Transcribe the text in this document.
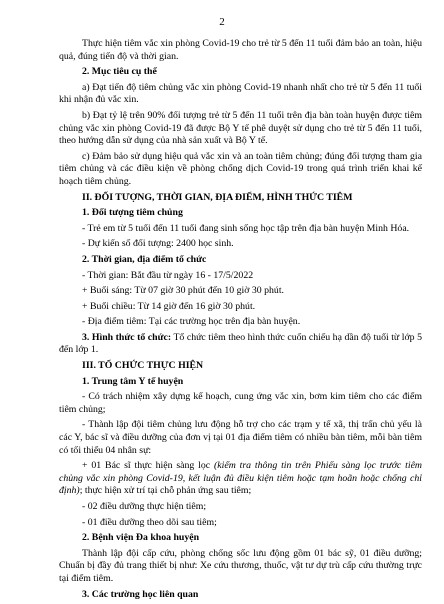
2

Thực hiện tiêm vắc xin phòng Covid-19 cho trẻ từ 5 đến 11 tuổi đảm bảo an toàn, hiệu quả, đúng tiến độ và thời gian.

2. Mục tiêu cụ thể

a) Đạt tiến độ tiêm chủng vắc xin phòng Covid-19 nhanh nhất cho trẻ từ 5 đến 11 tuổi khi nhận đủ vắc xin.

b) Đạt tỷ lệ trên 90% đối tượng trẻ từ 5 đến 11 tuổi trên địa bàn toàn huyện được tiêm chủng vắc xin phòng Covid-19 đã được Bộ Y tế phê duyệt sử dụng cho trẻ từ 5 đến 11 tuổi, theo hướng dẫn sử dụng của nhà sản xuất và Bộ Y tế.

c) Đảm bảo sử dụng hiệu quả vắc xin và an toàn tiêm chủng; đúng đối tượng tham gia tiêm chủng và các điều kiện về phòng chống dịch Covid-19 trong quá trình triển khai kế hoạch tiêm chủng.

II. ĐỐI TƯỢNG, THỜI GIAN, ĐỊA ĐIỂM, HÌNH THỨC TIÊM

1. Đối tượng tiêm chủng

- Trẻ em từ 5 tuổi đến 11 tuổi đang sinh sống học tập trên địa bàn huyện Minh Hóa.

- Dự kiến số đối tượng: 2400 học sinh.

2. Thời gian, địa điểm tổ chức

- Thời gian: Bắt đầu từ ngày 16 - 17/5/2022

+ Buổi sáng: Từ 07 giờ 30 phút đến 10 giờ 30 phút.

+ Buổi chiều: Từ 14 giờ đến 16 giờ 30 phút.

- Địa điểm tiêm: Tại các trường học trên địa bàn huyện.

3. Hình thức tổ chức: Tổ chức tiêm theo hình thức cuốn chiếu hạ dần độ tuổi từ lớp 5 đến lớp 1.

III. TỔ CHỨC THỰC HIỆN

1. Trung tâm Y tế huyện

- Có trách nhiệm xây dựng kế hoạch, cung ứng vắc xin, bơm kim tiêm cho các điểm tiêm chủng;

- Thành lập đội tiêm chủng lưu động hỗ trợ cho các trạm y tế xã, thị trấn chủ yếu là các Y, bác sĩ và điều dưỡng của đơn vị tại 01 địa điểm tiêm có nhiều bàn tiêm, mỗi bàn tiêm có tối thiểu 04 nhân sự:

+ 01 Bác sĩ thực hiện sàng lọc (kiểm tra thông tin trên Phiếu sàng lọc trước tiêm chủng vắc xin phòng Covid-19, kết luận đủ điều kiện tiêm hoặc tạm hoãn hoặc chống chỉ định); thực hiện xử trí tại chỗ phản ứng sau tiêm;

- 02 điều dưỡng thực hiện tiêm;

- 01 điều dưỡng theo dõi sau tiêm;

2. Bệnh viện Đa khoa huyện

Thành lập đội cấp cứu, phòng chống sốc lưu động gồm 01 bác sỹ, 01 điều dưỡng; Chuẩn bị đầy đủ trang thiết bị như: Xe cứu thương, thuốc, vật tư dự trù cấp cứu thường trực tại điểm tiêm.

3. Các trường học liên quan
